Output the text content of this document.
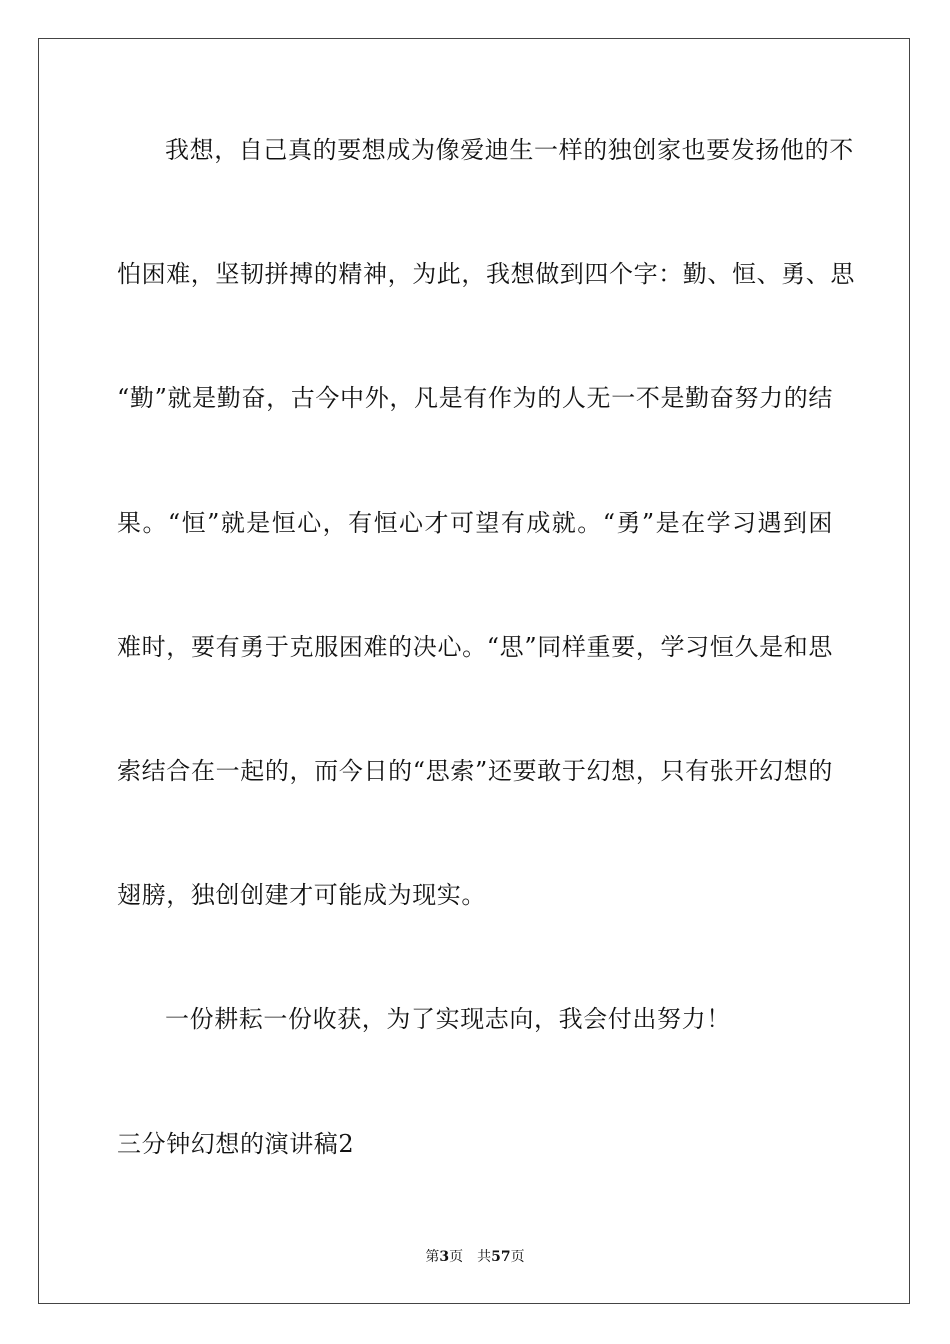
我想，自己真的要想成为像爱迪生一样的独创家也要发扬他的不
怕困难，坚韧拼搏的精神，为此，我想做到四个字：勤、恒、勇、思
“勤”就是勤奋，古今中外，凡是有作为的人无一不是勤奋努力的结
果。“恒”就是恒心，有恒心才可望有成就。“勇”是在学习遇到困
难时，要有勇于克服困难的决心。“思”同样重要，学习恒久是和思
索结合在一起的，而今日的“思索”还要敢于幻想，只有张开幻想的
翅膀，独创创建才可能成为现实。
一份耕耘一份收获，为了实现志向，我会付出努力！
三分钟幻想的演讲稿2
第3页 共57页
